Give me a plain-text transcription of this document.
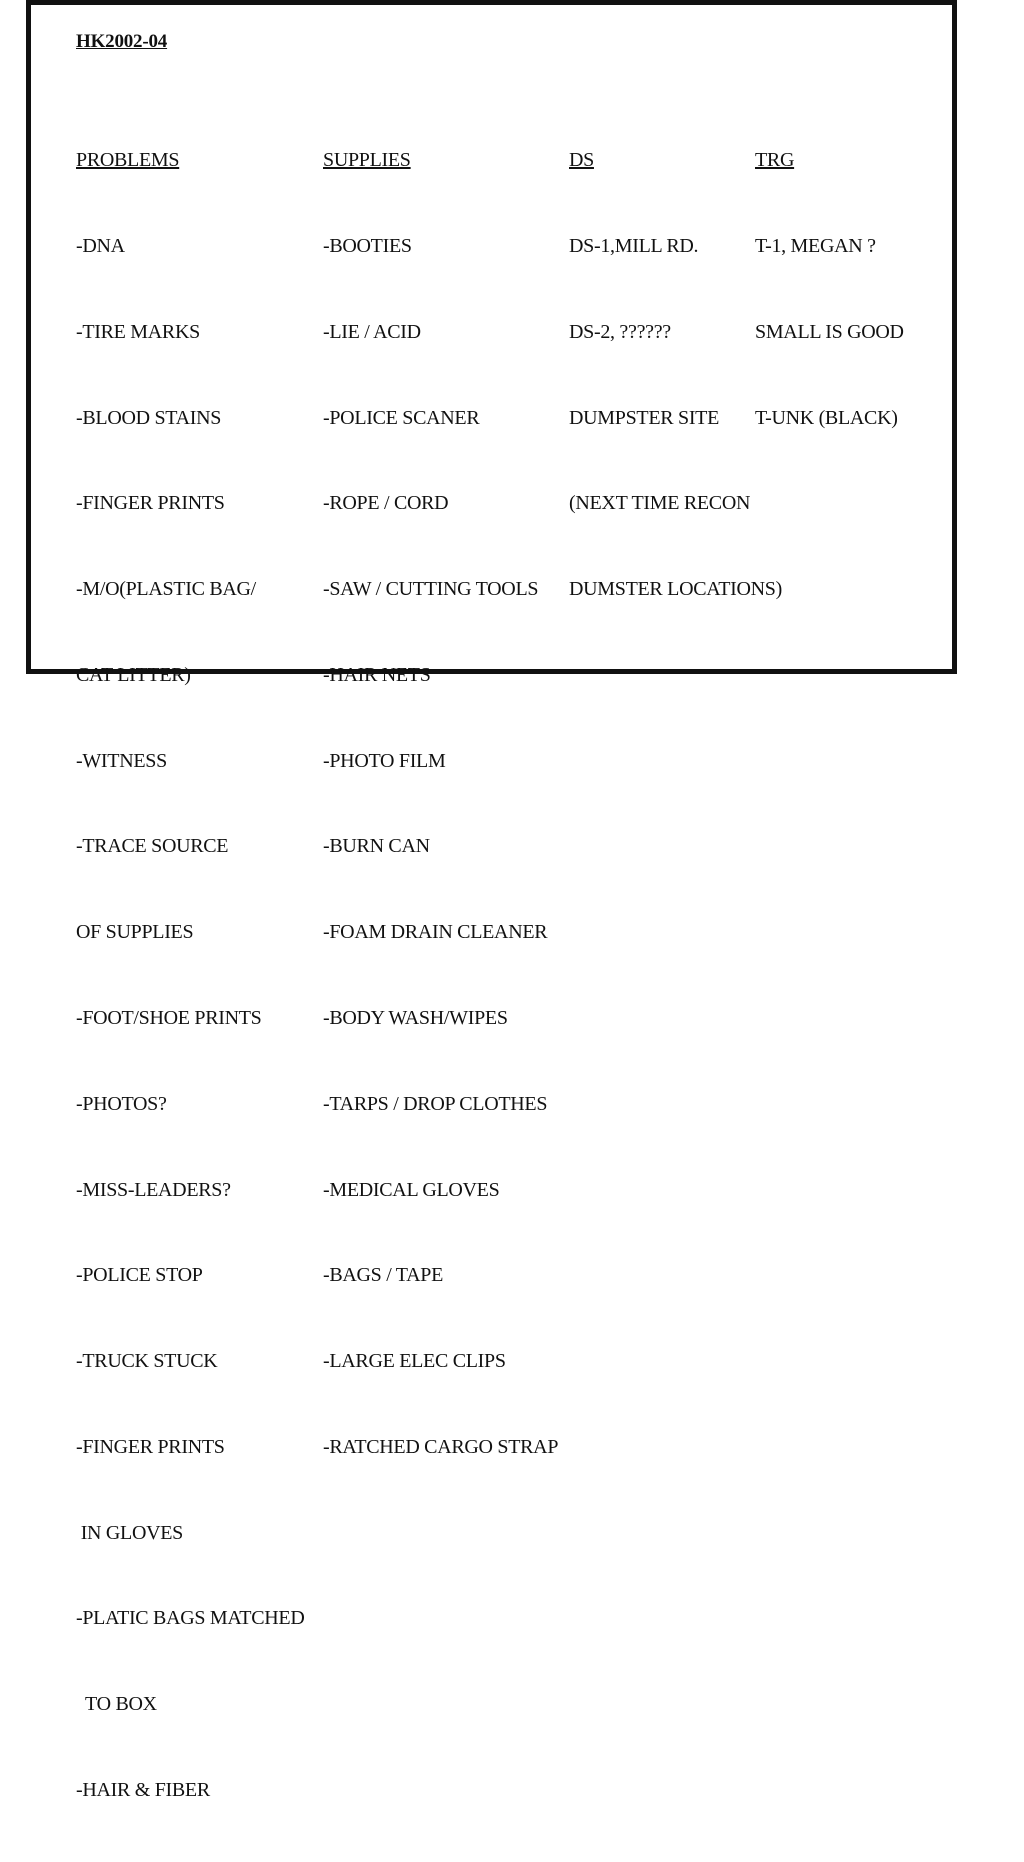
HK2002-04

PROBLEMS

-DNA

-TIRE MARKS

-BLOOD STAINS

-FINGER PRINTS

-M/O(PLASTIC BAG/

CAT LITTER)

-WITNESS

-TRACE SOURCE

OF SUPPLIES

-FOOT/SHOE PRINTS

-PHOTOS?

-MISS-LEADERS?

-POLICE STOP

-TRUCK STUCK

-FINGER PRINTS

IN GLOVES

-PLATIC BAGS MATCHED

TO BOX

-HAIR & FIBER

SUPPLIES

-BOOTIES

-LIE / ACID

-POLICE SCANER

-ROPE / CORD

-SAW / CUTTING TOOLS

-HAIR NETS

-PHOTO FILM

-BURN CAN

-FOAM DRAIN CLEANER

-BODY WASH/WIPES

-TARPS / DROP CLOTHES

-MEDICAL GLOVES

-BAGS / TAPE

-LARGE ELEC CLIPS

-RATCHED CARGO STRAP

DS

DS-1,MILL RD.

DS-2, ??????

DUMPSTER SITE

(NEXT TIME RECON

DUMSTER LOCATIONS)

TRG

T-1, MEGAN ?

SMALL IS GOOD

T-UNK (BLACK)
